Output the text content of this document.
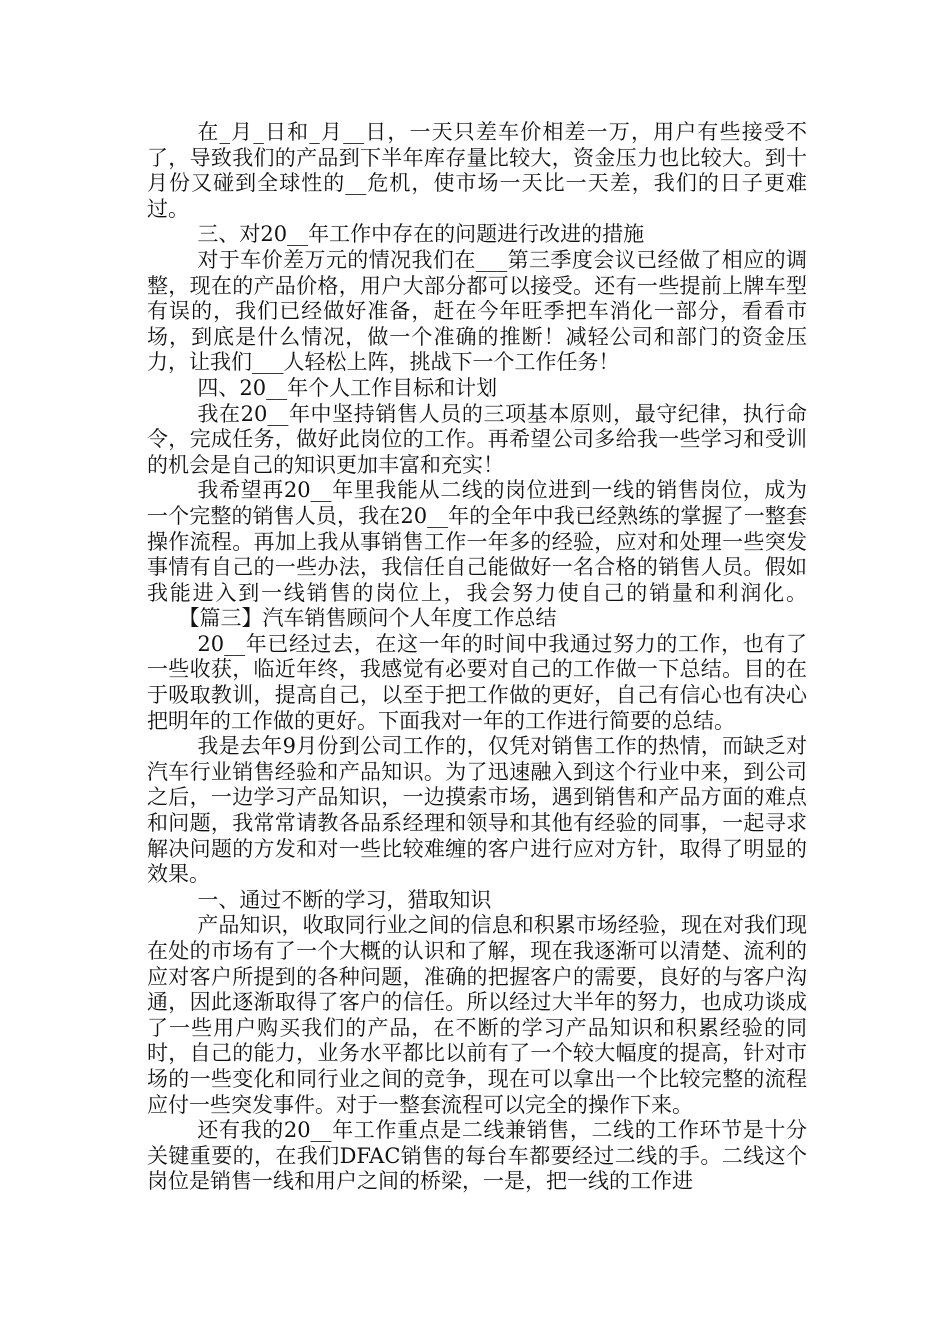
在_月_日和_月__日，一天只差车价相差一万，用户有些接受不了，导致我们的产品到下半年库存量比较大，资金压力也比较大。到十月份又碰到全球性的__危机，使市场一天比一天差，我们的日子更难过。

三、对20__年工作中存在的问题进行改进的措施

对于车价差万元的情况我们在___第三季度会议已经做了相应的调整，现在的产品价格，用户大部分都可以接受。还有一些提前上牌车型有误的，我们已经做好准备，赶在今年旺季把车消化一部分，看看市场，到底是什么情况，做一个准确的推断！减轻公司和部门的资金压力，让我们___人轻松上阵，挑战下一个工作任务！

四、20__年个人工作目标和计划

我在20__年中坚持销售人员的三项基本原则，最守纪律，执行命令，完成任务，做好此岗位的工作。再希望公司多给我一些学习和受训的机会是自己的知识更加丰富和充实！

我希望再20__年里我能从二线的岗位进到一线的销售岗位，成为一个完整的销售人员，我在20__年的全年中我已经熟练的掌握了一整套操作流程。再加上我从事销售工作一年多的经验，应对和处理一些突发事情有自己的一些办法，我信任自己能做好一名合格的销售人员。假如我能进入到一线销售的岗位上，我会努力使自己的销量和利润化。【篇三】汽车销售顾问个人年度工作总结

20__年已经过去，在这一年的时间中我通过努力的工作，也有了一些收获，临近年终，我感觉有必要对自己的工作做一下总结。目的在于吸取教训，提高自己，以至于把工作做的更好，自己有信心也有决心把明年的工作做的更好。下面我对一年的工作进行简要的总结。

我是去年9月份到公司工作的，仅凭对销售工作的热情，而缺乏对汽车行业销售经验和产品知识。为了迅速融入到这个行业中来，到公司之后，一边学习产品知识，一边摸索市场，遇到销售和产品方面的难点和问题，我常常请教各品系经理和领导和其他有经验的同事，一起寻求解决问题的方发和对一些比较难缠的客户进行应对方针，取得了明显的效果。

一、通过不断的学习，猎取知识

产品知识，收取同行业之间的信息和积累市场经验，现在对我们现在处的市场有了一个大概的认识和了解，现在我逐渐可以清楚、流利的应对客户所提到的各种问题，准确的把握客户的需要，良好的与客户沟通，因此逐渐取得了客户的信任。所以经过大半年的努力，也成功谈成了一些用户购买我们的产品，在不断的学习产品知识和积累经验的同时，自己的能力，业务水平都比以前有了一个较大幅度的提高，针对市场的一些变化和同行业之间的竞争，现在可以拿出一个比较完整的流程应付一些突发事件。对于一整套流程可以完全的操作下来。

还有我的20__年工作重点是二线兼销售，二线的工作环节是十分关键重要的，在我们DFAC销售的每台车都要经过二线的手。二线这个岗位是销售一线和用户之间的桥梁，一是，把一线的工作进
